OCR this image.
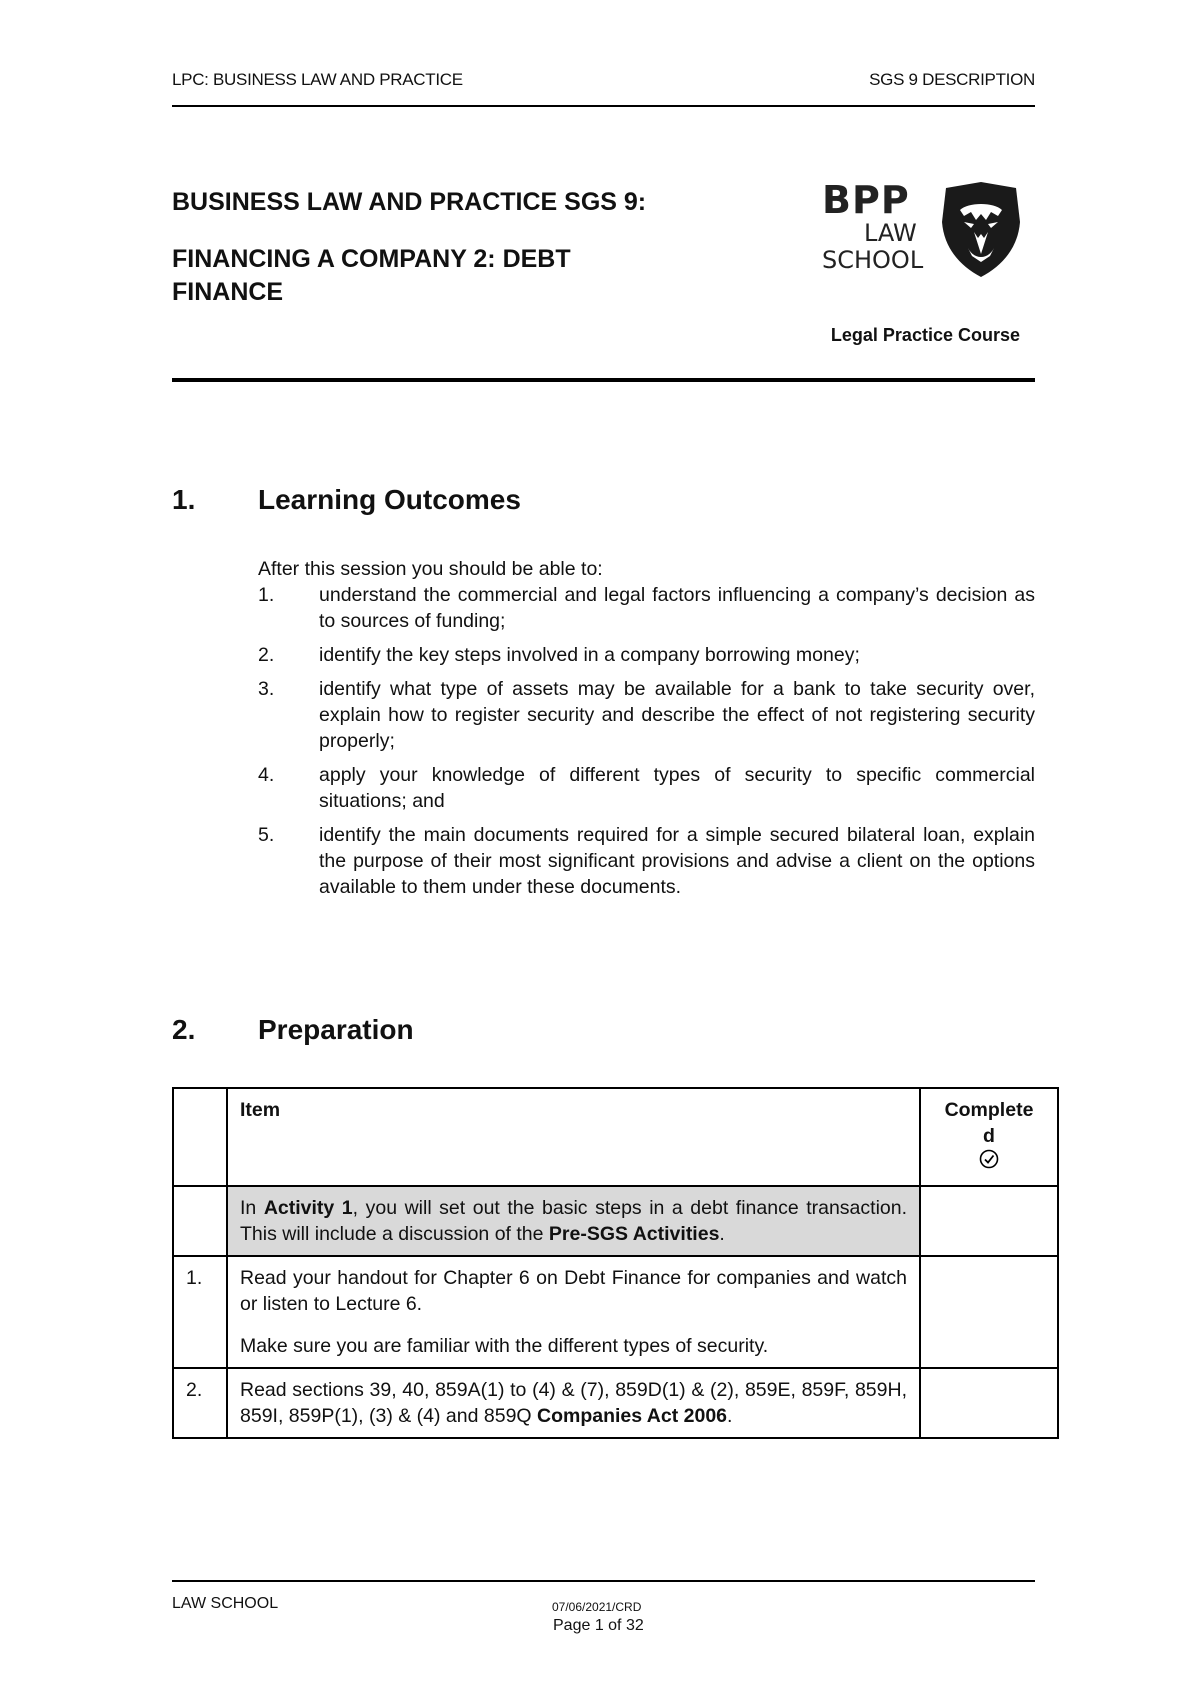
LPC: BUSINESS LAW AND PRACTICE	SGS 9 DESCRIPTION
BUSINESS LAW AND PRACTICE SGS 9:
FINANCING A COMPANY 2: DEBT FINANCE
BPP
LAW
SCHOOL
Legal Practice Course
1. Learning Outcomes
After this session you should be able to:
1. understand the commercial and legal factors influencing a company’s decision as to sources of funding;
2. identify the key steps involved in a company borrowing money;
3. identify what type of assets may be available for a bank to take security over, explain how to register security and describe the effect of not registering security properly;
4. apply your knowledge of different types of security to specific commercial situations; and
5. identify the main documents required for a simple secured bilateral loan, explain the purpose of their most significant provisions and advise a client on the options available to them under these documents.
2. Preparation
	Item	Complete
d

	In Activity 1, you will set out the basic steps in a debt finance transaction. This will include a discussion of the Pre-SGS Activities.	
1.	Read your handout for Chapter 6 on Debt Finance for companies and watch or listen to Lecture 6.
Make sure you are familiar with the different types of security.	

2.	Read sections 39, 40, 859A(1) to (4) & (7), 859D(1) & (2), 859E, 859F, 859H, 859I, 859P(1), (3) & (4) and 859Q Companies Act 2006.	
LAW SCHOOL	07/06/2021/CRD
Page 1 of 32
